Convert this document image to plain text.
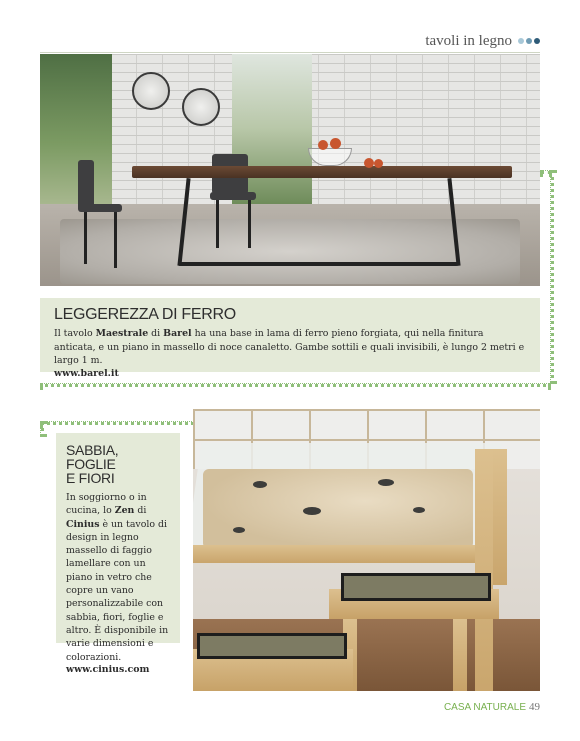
tavoli in legno
LEGGEREZZA DI FERRO

Il tavolo Maestrale di Barel ha una base in lama di ferro pieno forgiata, qui nella finitura anticata, e un piano in massello di noce canaletto. Gambe sottili e quali invisibili, è lungo 2 metri e largo 1 m.

www.barel.it
SABBIA, FOGLIE
E FIORI

In soggiorno o in cucina, lo Zen di Cinius è un tavolo di design in legno massello di faggio lamellare con un piano in vetro che copre un vano personalizzabile con sabbia, fiori, foglie e altro. È disponibile in varie dimensioni e colorazioni.

www.cinius.com
CASA NATURALE 49
